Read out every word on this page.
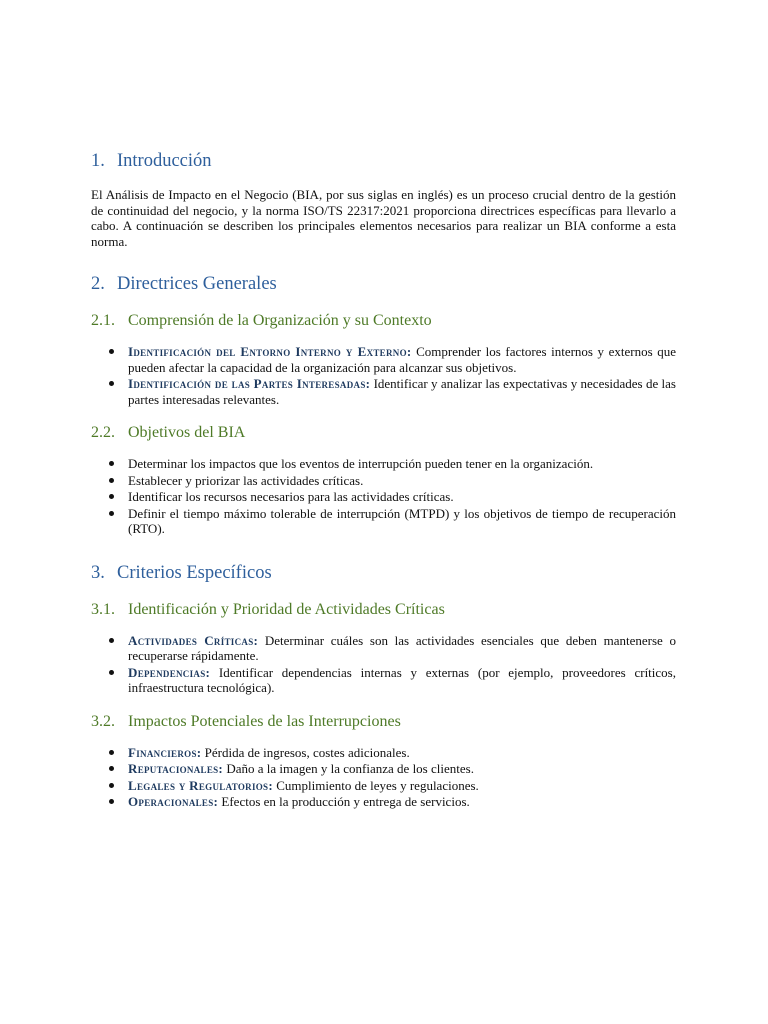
1. Introducción

El Análisis de Impacto en el Negocio (BIA, por sus siglas en inglés) es un proceso crucial dentro de la gestión de continuidad del negocio, y la norma ISO/TS 22317:2021 proporciona directrices específicas para llevarlo a cabo. A continuación se describen los principales elementos necesarios para realizar un BIA conforme a esta norma.

2. Directrices Generales
2.1. Comprensión de la Organización y su Contexto
Identificación del Entorno Interno y Externo: Comprender los factores internos y externos que pueden afectar la capacidad de la organización para alcanzar sus objetivos.
Identificación de las Partes Interesadas: Identificar y analizar las expectativas y necesidades de las partes interesadas relevantes.
2.2. Objetivos del BIA
Determinar los impactos que los eventos de interrupción pueden tener en la organización.
Establecer y priorizar las actividades críticas.
Identificar los recursos necesarios para las actividades críticas.
Definir el tiempo máximo tolerable de interrupción (MTPD) y los objetivos de tiempo de recuperación (RTO).
3. Criterios Específicos
3.1. Identificación y Prioridad de Actividades Críticas
Actividades Críticas: Determinar cuáles son las actividades esenciales que deben mantenerse o recuperarse rápidamente.
Dependencias: Identificar dependencias internas y externas (por ejemplo, proveedores críticos, infraestructura tecnológica).
3.2. Impactos Potenciales de las Interrupciones
Financieros: Pérdida de ingresos, costes adicionales.
Reputacionales: Daño a la imagen y la confianza de los clientes.
Legales y Regulatorios: Cumplimiento de leyes y regulaciones.
Operacionales: Efectos en la producción y entrega de servicios.
